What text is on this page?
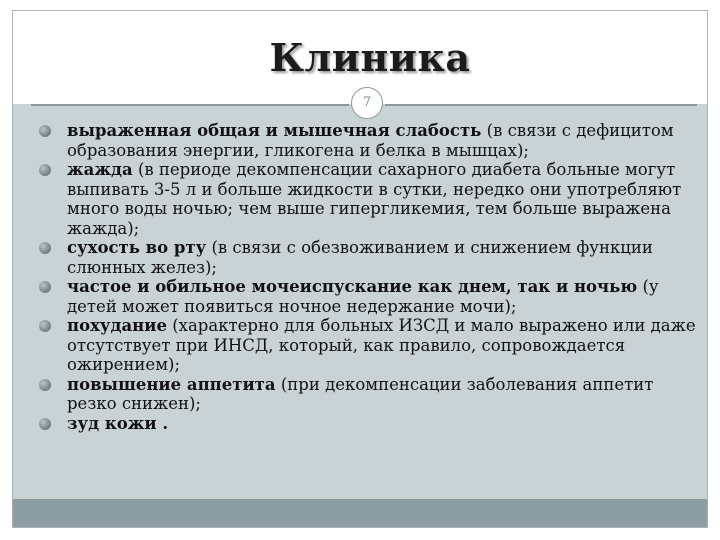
Клиника
7
выраженная общая и мышечная слабость (в связи с дефицитом образования энергии, гликогена и белка в мышцах);
жажда (в периоде декомпенсации сахарного диабета больные могут выпивать 3-5 л и больше жидкости в сутки, нередко они употребляют много воды ночью; чем выше гипергликемия, тем больше выражена жажда);
сухость во рту (в связи с обезвоживанием и снижением функции слюнных желез);
частое и обильное мочеиспускание как днем, так и ночью (у детей может появиться ночное недержание мочи);
похудание (характерно для больных ИЗСД и мало выражено или даже отсутствует при ИНСД, который, как правило, сопровождается ожирением);
повышение аппетита (при декомпенсации заболевания аппетит резко снижен);
зуд кожи .
